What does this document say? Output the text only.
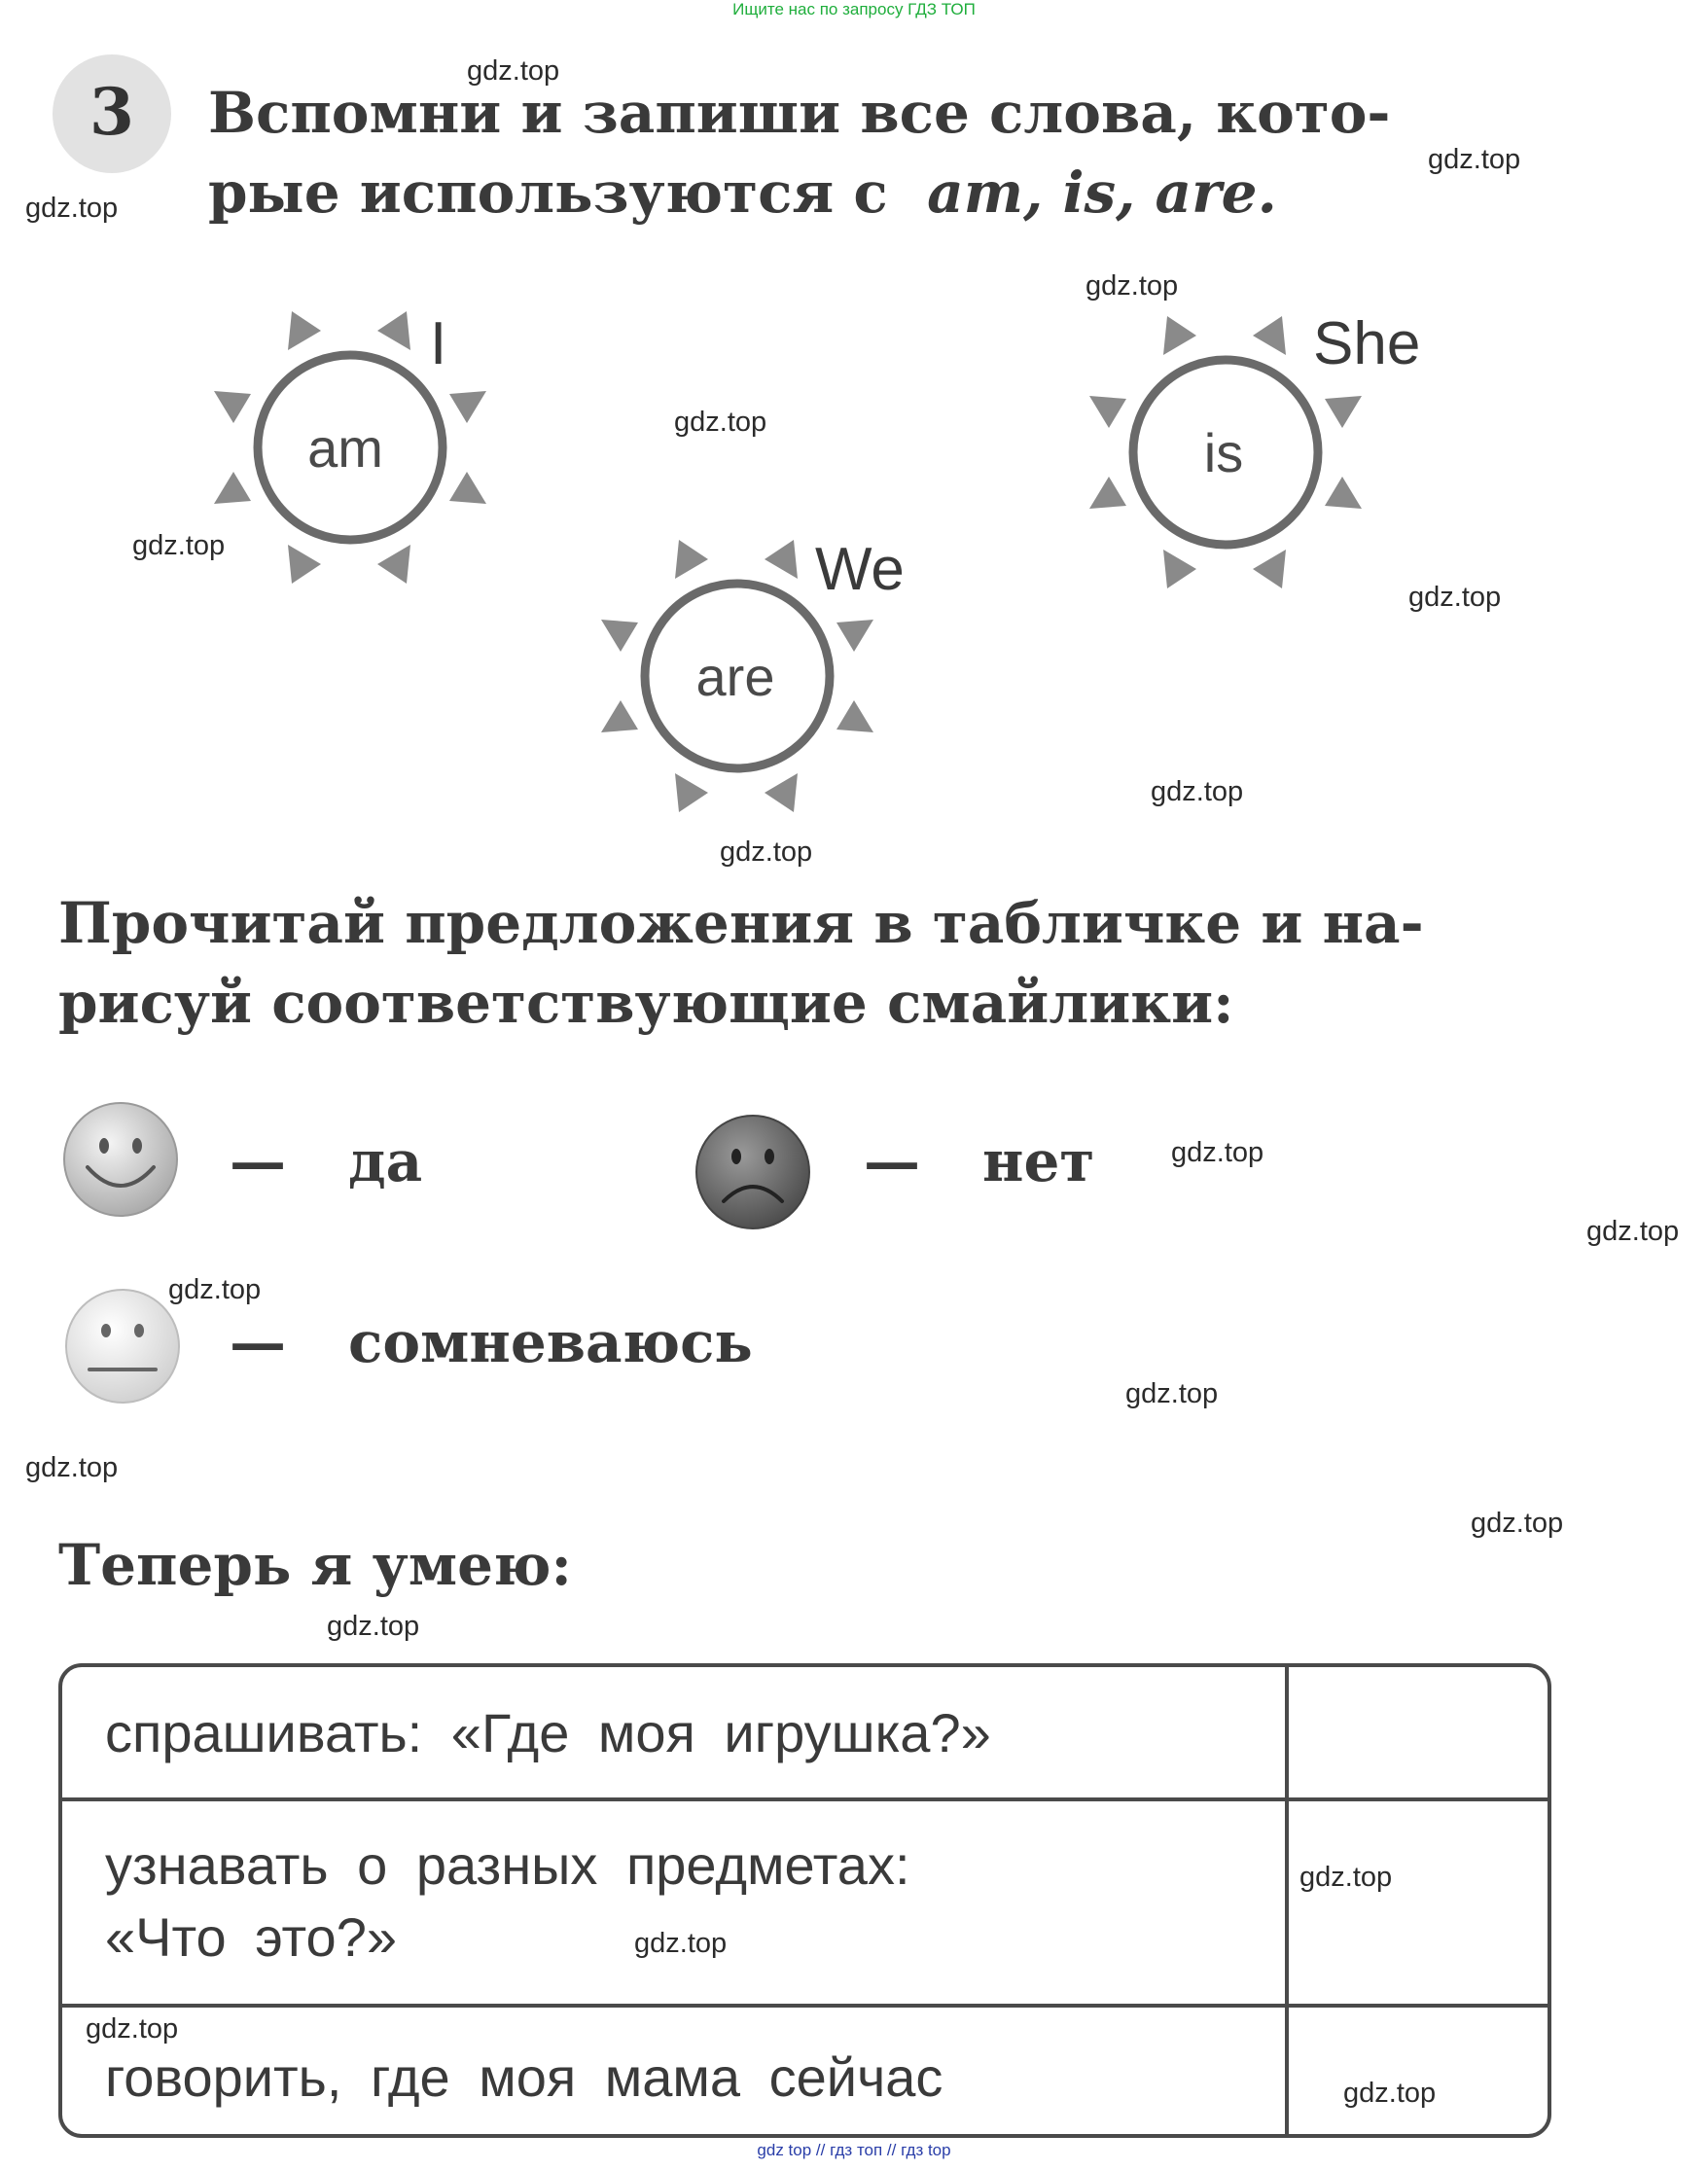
Ищите нас по запросу ГДЗ ТОП
3	Вспомни и запиши все слова, кото-
рые используются с am, is, are.
am
I
is
She
are
We
Прочитай предложения в табличке и на-
рисуй соответствующие смайлики:
— да	— нет
— сомневаюсь
Теперь я умею:
спрашивать: «Где моя игрушка?»
узнавать о разных предметах:
«Что это?»
говорить, где моя мама сейчас
gdz.top
gdz.top
gdz.top
gdz.top
gdz.top
gdz.top
gdz.top
gdz.top
gdz.top
gdz.top
gdz.top
gdz.top
gdz.top
gdz.top
gdz.top
gdz.top
gdz.top
gdz.top
gdz.top
gdz.top
gdz top // гдз топ // гдз top
